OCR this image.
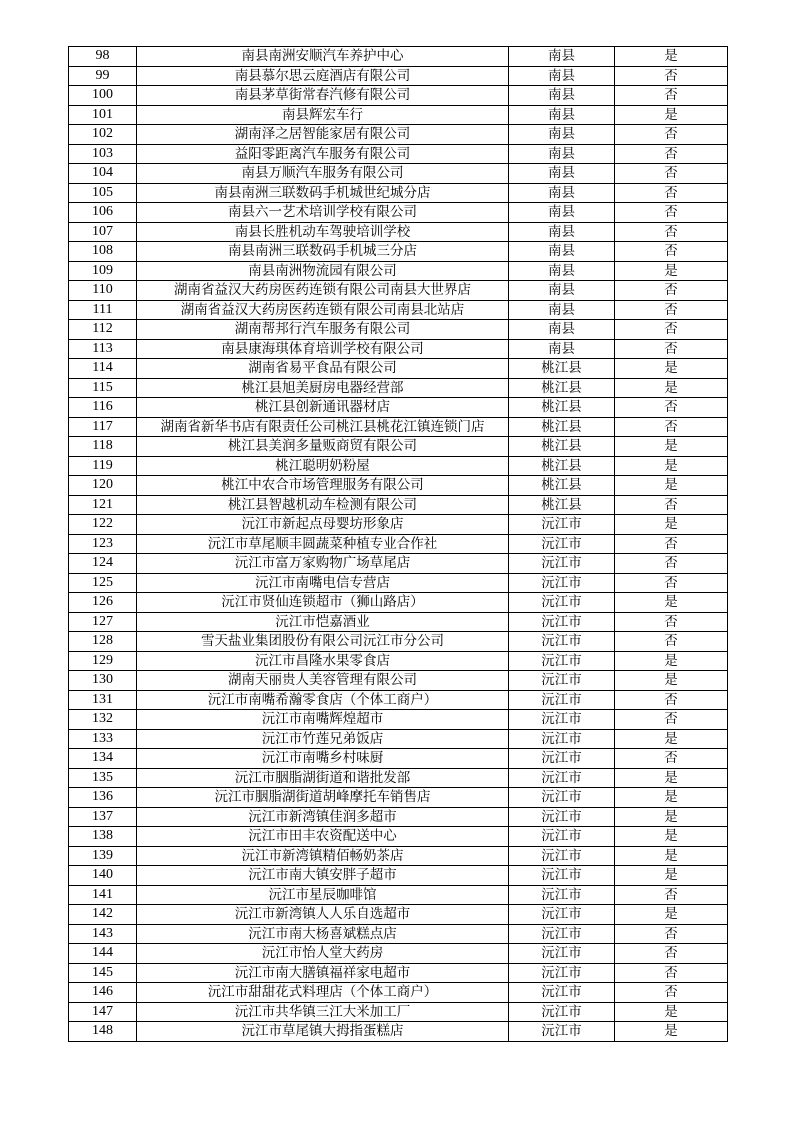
98	南县南洲安顺汽车养护中心	南县	是
99	南县慕尔思云庭酒店有限公司	南县	否
100	南县茅草街常春汽修有限公司	南县	否
101	南县辉宏车行	南县	是
102	湖南泽之居智能家居有限公司	南县	否
103	益阳零距离汽车服务有限公司	南县	否
104	南县万顺汽车服务有限公司	南县	否
105	南县南洲三联数码手机城世纪城分店	南县	否
106	南县六一艺术培训学校有限公司	南县	否
107	南县长胜机动车驾驶培训学校	南县	否
108	南县南洲三联数码手机城三分店	南县	否
109	南县南洲物流园有限公司	南县	是
110	湖南省益汉大药房医药连锁有限公司南县大世界店	南县	否
111	湖南省益汉大药房医药连锁有限公司南县北站店	南县	否
112	湖南帮邦行汽车服务有限公司	南县	否
113	南县康海琪体育培训学校有限公司	南县	否
114	湖南省易平食品有限公司	桃江县	是
115	桃江县旭美厨房电器经营部	桃江县	是
116	桃江县创新通讯器材店	桃江县	否
117	湖南省新华书店有限责任公司桃江县桃花江镇连锁门店	桃江县	否
118	桃江县美润多量贩商贸有限公司	桃江县	是
119	桃江聪明奶粉屋	桃江县	是
120	桃江中农合市场管理服务有限公司	桃江县	是
121	桃江县智越机动车检测有限公司	桃江县	否
122	沅江市新起点母婴坊形象店	沅江市	是
123	沅江市草尾顺丰圆蔬菜种植专业合作社	沅江市	否
124	沅江市富万家购物广场草尾店	沅江市	否
125	沅江市南嘴电信专营店	沅江市	否
126	沅江市贤仙连锁超市（狮山路店）	沅江市	是
127	沅江市恺嘉酒业	沅江市	否
128	雪天盐业集团股份有限公司沅江市分公司	沅江市	否
129	沅江市昌隆水果零食店	沅江市	是
130	湖南天丽贵人美容管理有限公司	沅江市	是
131	沅江市南嘴希瀚零食店（个体工商户）	沅江市	否
132	沅江市南嘴辉煌超市	沅江市	否
133	沅江市竹莲兄弟饭店	沅江市	是
134	沅江市南嘴乡村味厨	沅江市	否
135	沅江市胭脂湖街道和谐批发部	沅江市	是
136	沅江市胭脂湖街道胡峰摩托车销售店	沅江市	是
137	沅江市新湾镇佳润多超市	沅江市	是
138	沅江市田丰农资配送中心	沅江市	是
139	沅江市新湾镇精佰畅奶茶店	沅江市	是
140	沅江市南大镇安胖子超市	沅江市	是
141	沅江市星辰咖啡馆	沅江市	否
142	沅江市新湾镇人人乐自选超市	沅江市	是
143	沅江市南大杨喜斌糕点店	沅江市	否
144	沅江市怡人堂大药房	沅江市	否
145	沅江市南大膳镇福祥家电超市	沅江市	否
146	沅江市甜甜花式料理店（个体工商户）	沅江市	否
147	沅江市共华镇三江大米加工厂	沅江市	是
148	沅江市草尾镇大拇指蛋糕店	沅江市	是
